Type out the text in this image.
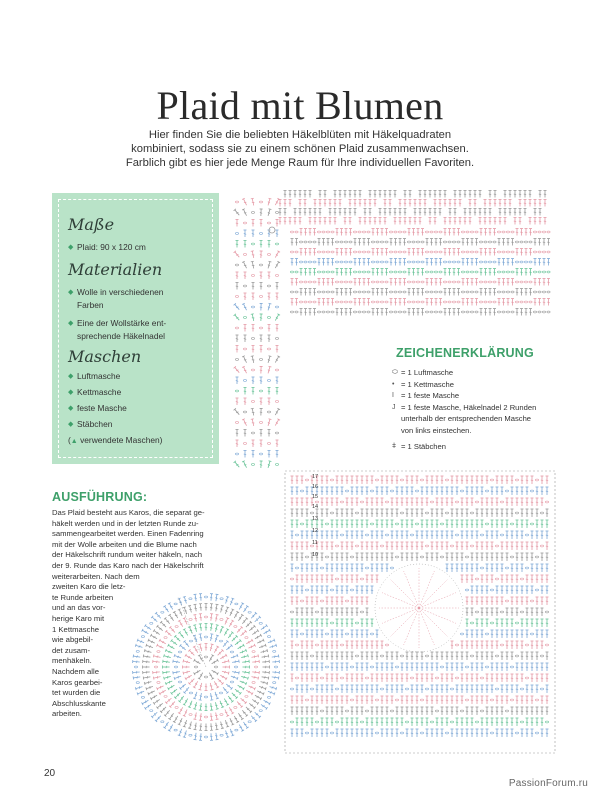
Plaid mit Blumen

Hier finden Sie die beliebten Häkelblüten mit Häkelquadraten
kombiniert, sodass sie zu einem schönen Plaid zusammenwachsen.
Farblich gibt es hier jede Menge Raum für Ihre individuellen Favoriten.

Maße
◆ Plaid: 90 x 120 cm
Materialien
◆ Wolle in verschiedenen
Farben
◆ Eine der Wollstärke ent-
sprechende Häkelnadel
Maschen
◆ Luftmasche
◆ Kettmasche
◆ feste Masche
◆ Stäbchen
(▲ verwendete Maschen)
ZEICHENERKLÄRUNG
⬭ = 1 Luftmasche
• = 1 Kettmasche
I = 1 feste Masche
J = 1 feste Masche, Häkelnadel 2 Runden
unterhalb der entsprechenden Masche
von links einstechen.
ǂ = 1 Stäbchen
17
16
15
14
13
12
11
10
AUSFÜHRUNG:
Das Plaid besteht aus Karos, die separat ge-
häkelt werden und in der letzten Runde zu-
sammengearbeitet werden. Einen Fadenring
mit der Wolle arbeiten und die Blume nach
der Häkelschrift rundum weiter häkeln, nach
der 9. Runde das Karo nach der Häkelschrift
weiterarbeiten. Nach dem
zweiten Karo die letz-
te Runde arbeiten
und an das vor-
herige Karo mit
1 Kettmasche
wie abgebil-
det zusam-
menhäkeln.
Nachdem alle
Karos gearbei-
tet wurden die
Abschlusskante
arbeiten.
20
PassionForum.ru
